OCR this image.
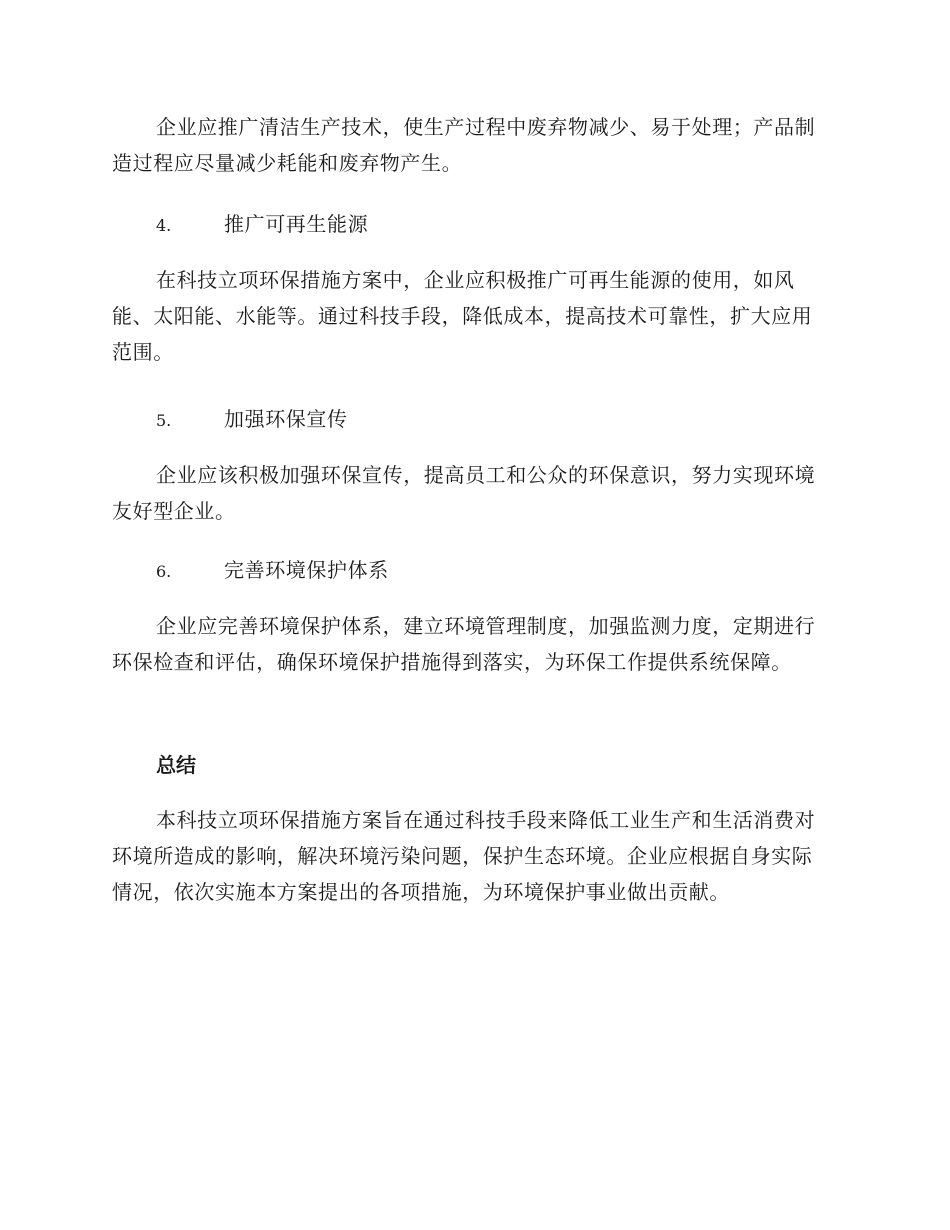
企业应推广清洁生产技术，使生产过程中废弃物减少、易于处理；产品制造过程应尽量减少耗能和废弃物产生。

4.	推广可再生能源

在科技立项环保措施方案中，企业应积极推广可再生能源的使用，如风能、太阳能、水能等。通过科技手段，降低成本，提高技术可靠性，扩大应用范围。

5.	加强环保宣传

企业应该积极加强环保宣传，提高员工和公众的环保意识，努力实现环境友好型企业。

6.	完善环境保护体系

企业应完善环境保护体系，建立环境管理制度，加强监测力度，定期进行环保检查和评估，确保环境保护措施得到落实，为环保工作提供系统保障。

总结

本科技立项环保措施方案旨在通过科技手段来降低工业生产和生活消费对环境所造成的影响，解决环境污染问题，保护生态环境。企业应根据自身实际情况，依次实施本方案提出的各项措施，为环境保护事业做出贡献。
